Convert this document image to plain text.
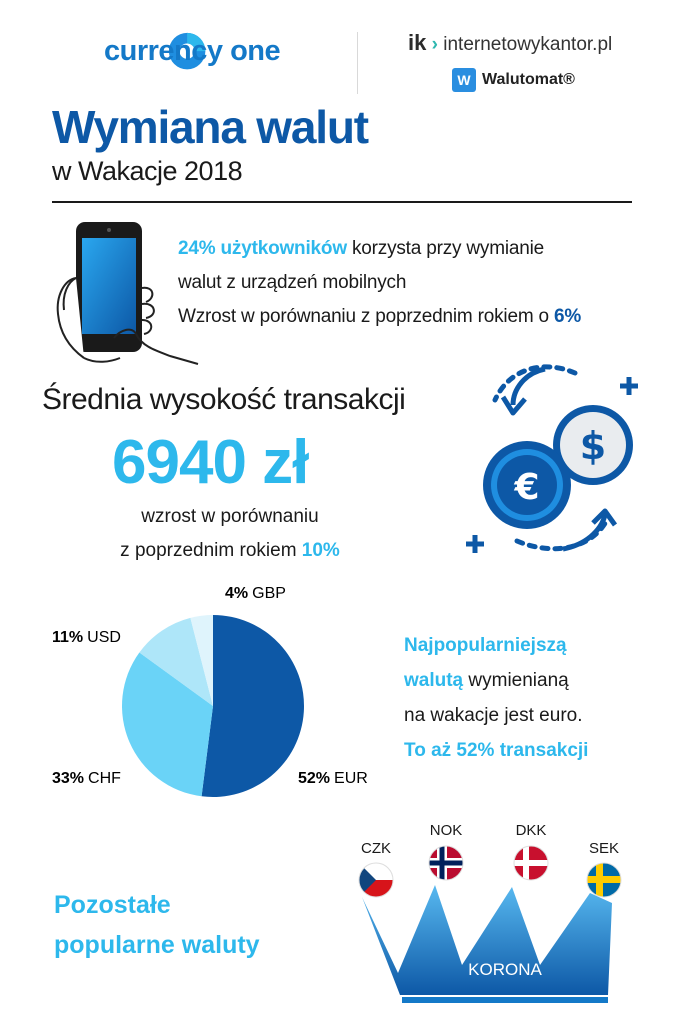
currency one	ik › internetowykantor.pl
W Walutomat®
Wymiana walut
w Wakacje 2018
24% użytkowników korzysta przy wymianie
walut z urządzeń mobilnych
Wzrost w porównaniu z poprzednim rokiem o 6%
Średnia wysokość transakcji
6940 zł
wzrost w porównaniu
z poprzednim rokiem 10%
$
€
4% GBP
11% USD
33% CHF	52% EUR
Najpopularniejszą
walutą wymienianą
na wakacje jest euro.
To aż 52% transakcji
Pozostałe
popularne waluty
KORONA
CZK
NOK	DKK
SEK
